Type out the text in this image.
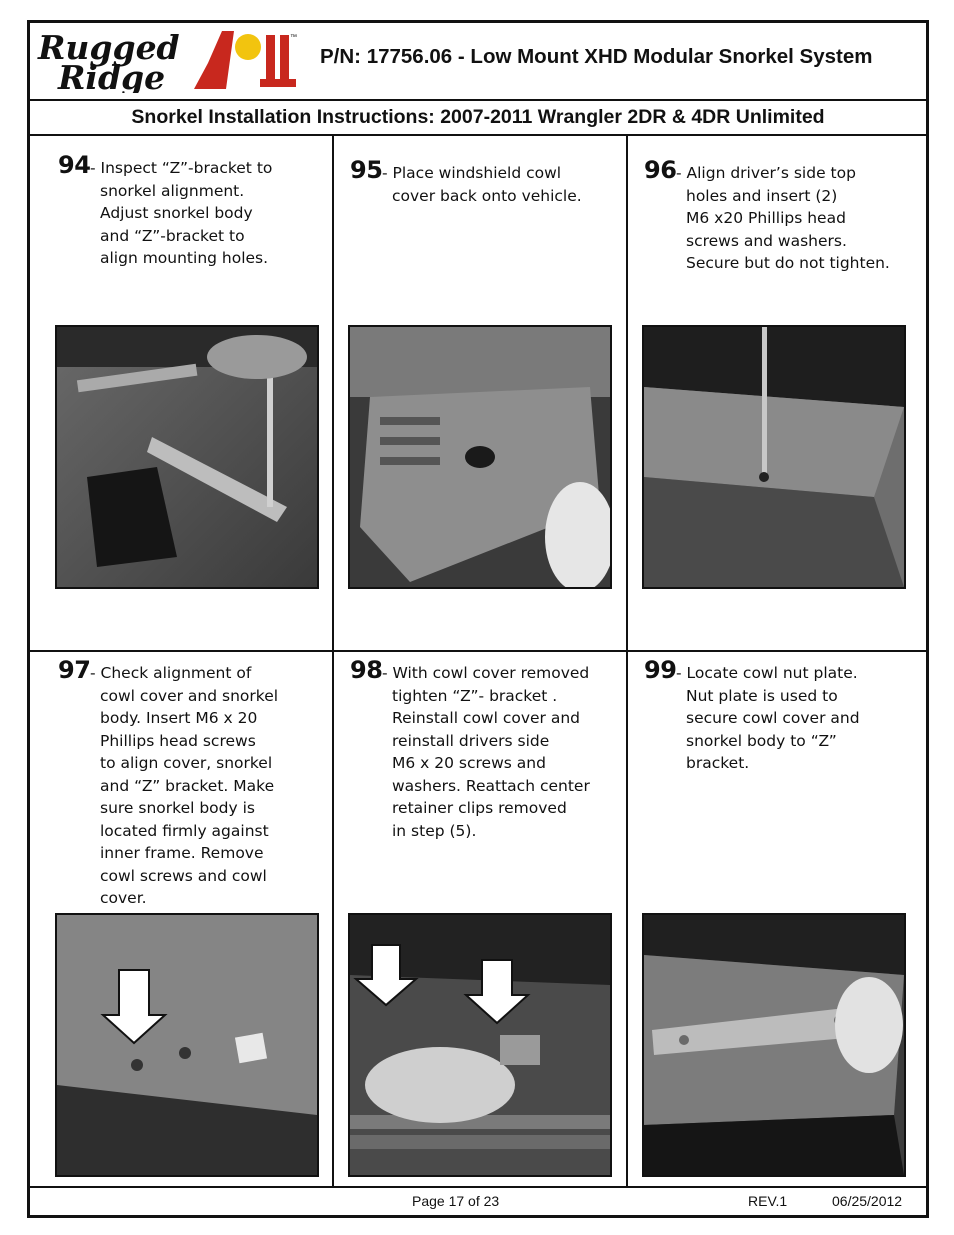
Rugged
Ridge
™
P/N: 17756.06 - Low Mount XHD Modular Snorkel System
Snorkel Installation Instructions: 2007-2011 Wrangler 2DR & 4DR Unlimited
94 - Inspect “Z”-bracket to
snorkel alignment.
Adjust snorkel body
and “Z”-bracket to
align mounting holes.
95 - Place windshield cowl
cover back onto vehicle.
96 - Align driver’s side top
holes and insert (2)
M6 x20 Phillips head
screws and washers.
Secure but do not tighten.
97 - Check alignment of
cowl cover and snorkel
body. Insert M6 x 20
Phillips head screws
to align cover, snorkel
and “Z” bracket. Make
sure snorkel body is
located firmly against
inner frame. Remove
cowl screws and cowl
cover.
98 - With cowl cover removed
tighten “Z”- bracket .
Reinstall cowl cover and
reinstall drivers side
M6 x 20 screws and
washers. Reattach center
retainer clips removed
in step (5).
99 - Locate cowl nut plate.
Nut plate is used to
secure cowl cover and
snorkel body to “Z”
bracket.
Page 17 of 23	REV.1	06/25/2012
